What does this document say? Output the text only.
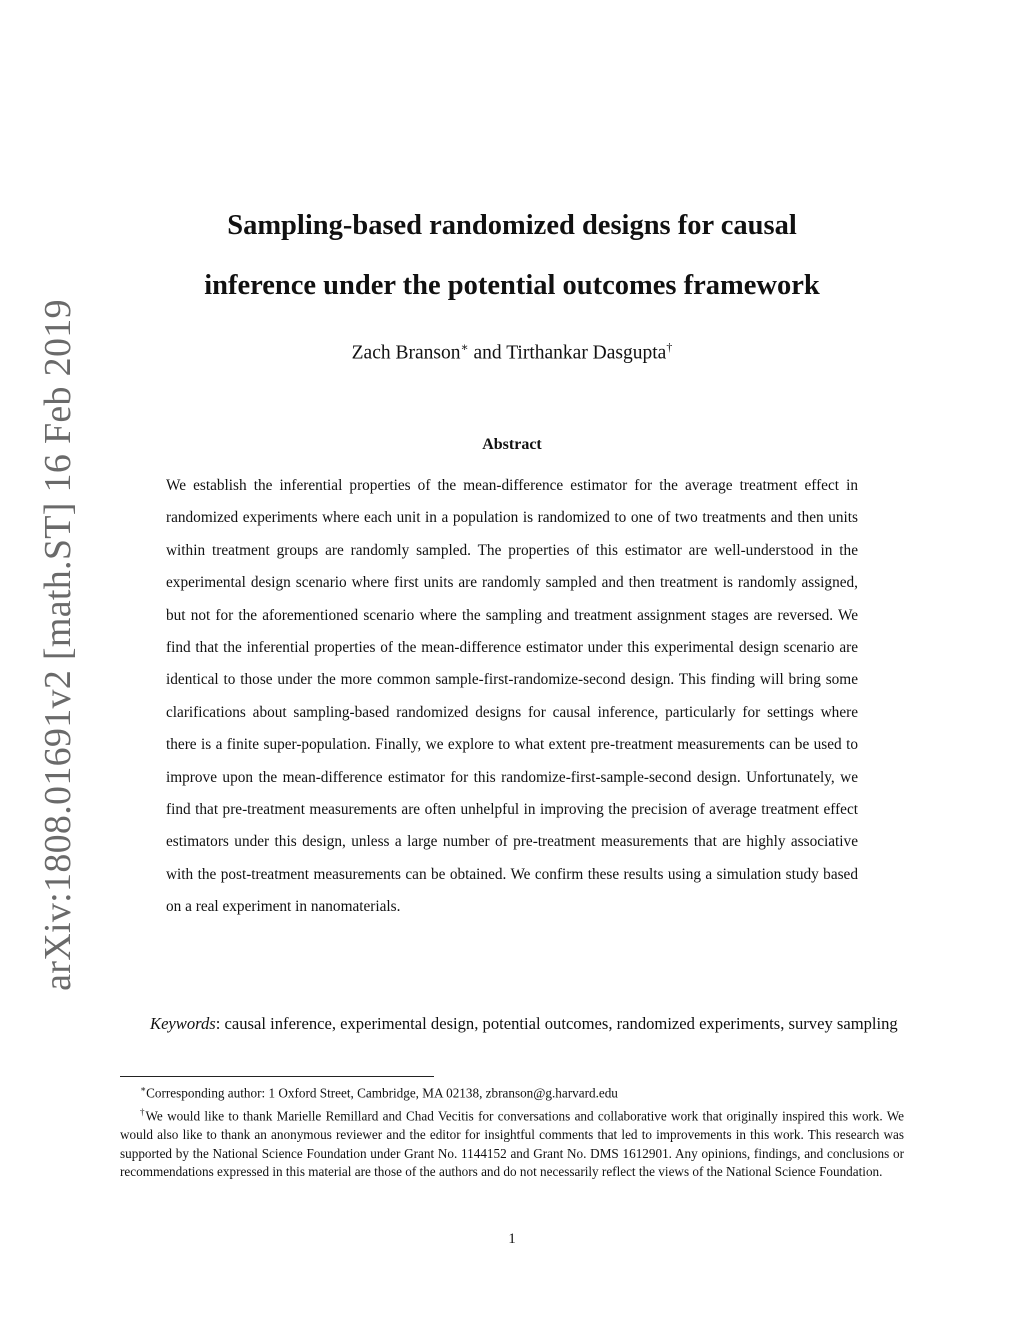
arXiv:1808.01691v2 [math.ST] 16 Feb 2019
Sampling-based randomized designs for causal
inference under the potential outcomes framework
Zach Branson∗ and Tirthankar Dasgupta†
Abstract
We establish the inferential properties of the mean-difference estimator for the average treatment effect in randomized experiments where each unit in a population is randomized to one of two treatments and then units within treatment groups are randomly sampled. The properties of this estimator are well-understood in the experimental design scenario where first units are randomly sampled and then treatment is randomly assigned, but not for the aforementioned scenario where the sampling and treatment assignment stages are reversed. We find that the inferential properties of the mean-difference estimator under this experimental design scenario are identical to those under the more common sample-first-randomize-second design. This finding will bring some clarifications about sampling-based randomized designs for causal inference, particularly for settings where there is a finite super-population. Finally, we explore to what extent pre-treatment measurements can be used to improve upon the mean-difference estimator for this randomize-first-sample-second design. Unfortunately, we find that pre-treatment measurements are often unhelpful in improving the precision of average treatment effect estimators under this design, unless a large number of pre-treatment measurements that are highly associative with the post-treatment measurements can be obtained. We confirm these results using a simulation study based on a real experiment in nanomaterials.
Keywords: causal inference, experimental design, potential outcomes, randomized experiments, survey sampling

∗Corresponding author: 1 Oxford Street, Cambridge, MA 02138, zbranson@g.harvard.edu

†We would like to thank Marielle Remillard and Chad Vecitis for conversations and collaborative work that originally inspired this work. We would also like to thank an anonymous reviewer and the editor for insightful comments that led to improvements in this work. This research was supported by the National Science Foundation under Grant No. 1144152 and Grant No. DMS 1612901. Any opinions, findings, and conclusions or recommendations expressed in this material are those of the authors and do not necessarily reflect the views of the National Science Foundation.

1
